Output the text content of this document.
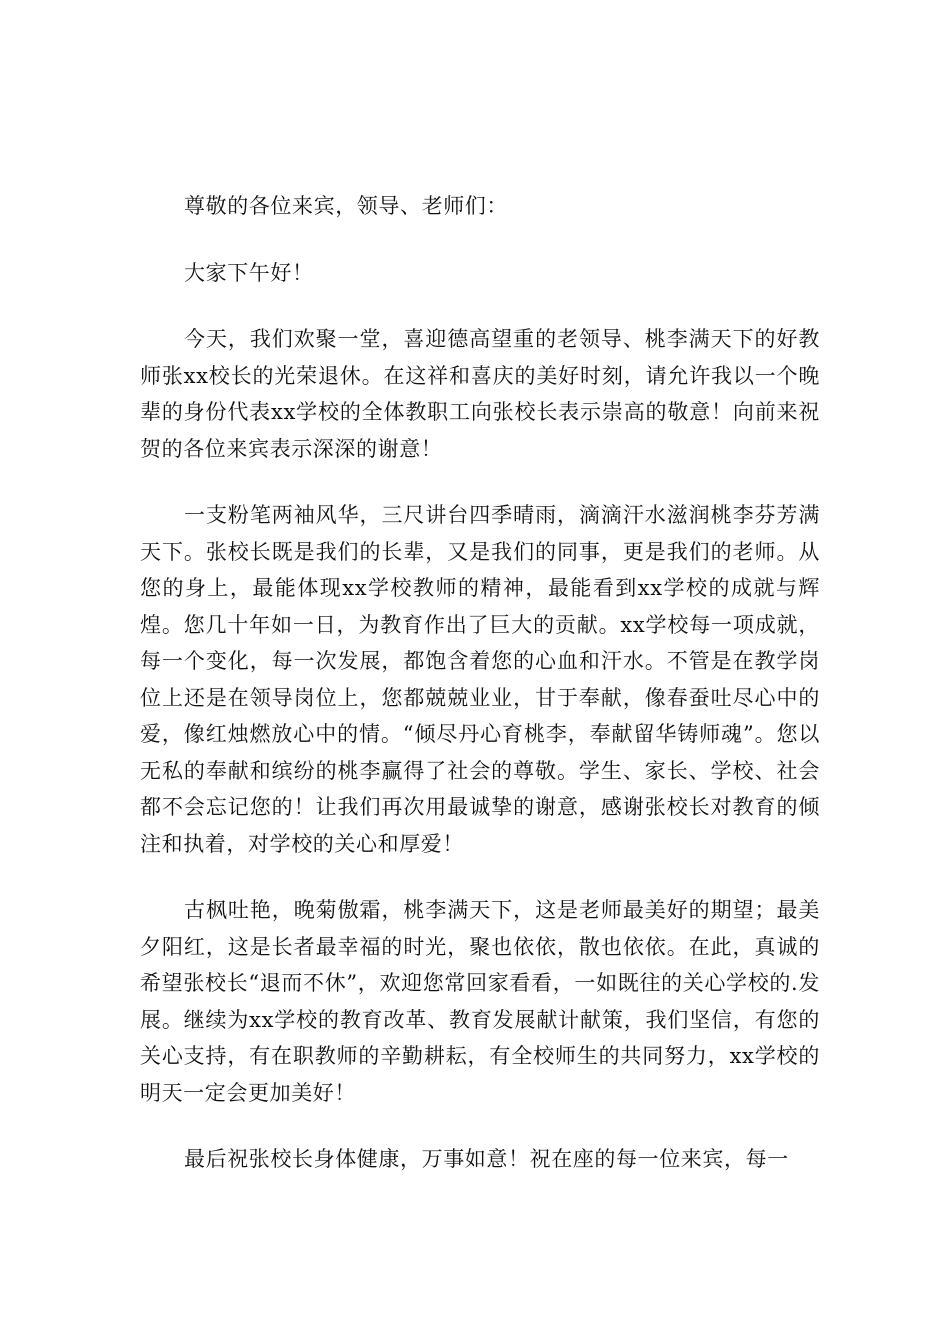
尊敬的各位来宾，领导、老师们：

大家下午好！

今天，我们欢聚一堂，喜迎德高望重的老领导、桃李满天下的好教师张xx校长的光荣退休。在这祥和喜庆的美好时刻，请允许我以一个晚辈的身份代表xx学校的全体教职工向张校长表示崇高的敬意！向前来祝贺的各位来宾表示深深的谢意！

一支粉笔两袖风华，三尺讲台四季晴雨，滴滴汗水滋润桃李芬芳满天下。张校长既是我们的长辈，又是我们的同事，更是我们的老师。从您的身上，最能体现xx学校教师的精神，最能看到xx学校的成就与辉煌。您几十年如一日，为教育作出了巨大的贡献。xx学校每一项成就，每一个变化，每一次发展，都饱含着您的心血和汗水。不管是在教学岗位上还是在领导岗位上，您都兢兢业业，甘于奉献，像春蚕吐尽心中的爱，像红烛燃放心中的情。“倾尽丹心育桃李，奉献留华铸师魂”。您以无私的奉献和缤纷的桃李赢得了社会的尊敬。学生、家长、学校、社会都不会忘记您的！让我们再次用最诚挚的谢意，感谢张校长对教育的倾注和执着，对学校的关心和厚爱！

古枫吐艳，晚菊傲霜，桃李满天下，这是老师最美好的期望；最美夕阳红，这是长者最幸福的时光，聚也依依，散也依依。在此，真诚的希望张校长“退而不休”，欢迎您常回家看看，一如既往的关心学校的.发展。继续为xx学校的教育改革、教育发展献计献策，我们坚信，有您的关心支持，有在职教师的辛勤耕耘，有全校师生的共同努力，xx学校的明天一定会更加美好！

最后祝张校长身体健康，万事如意！祝在座的每一位来宾，每一
